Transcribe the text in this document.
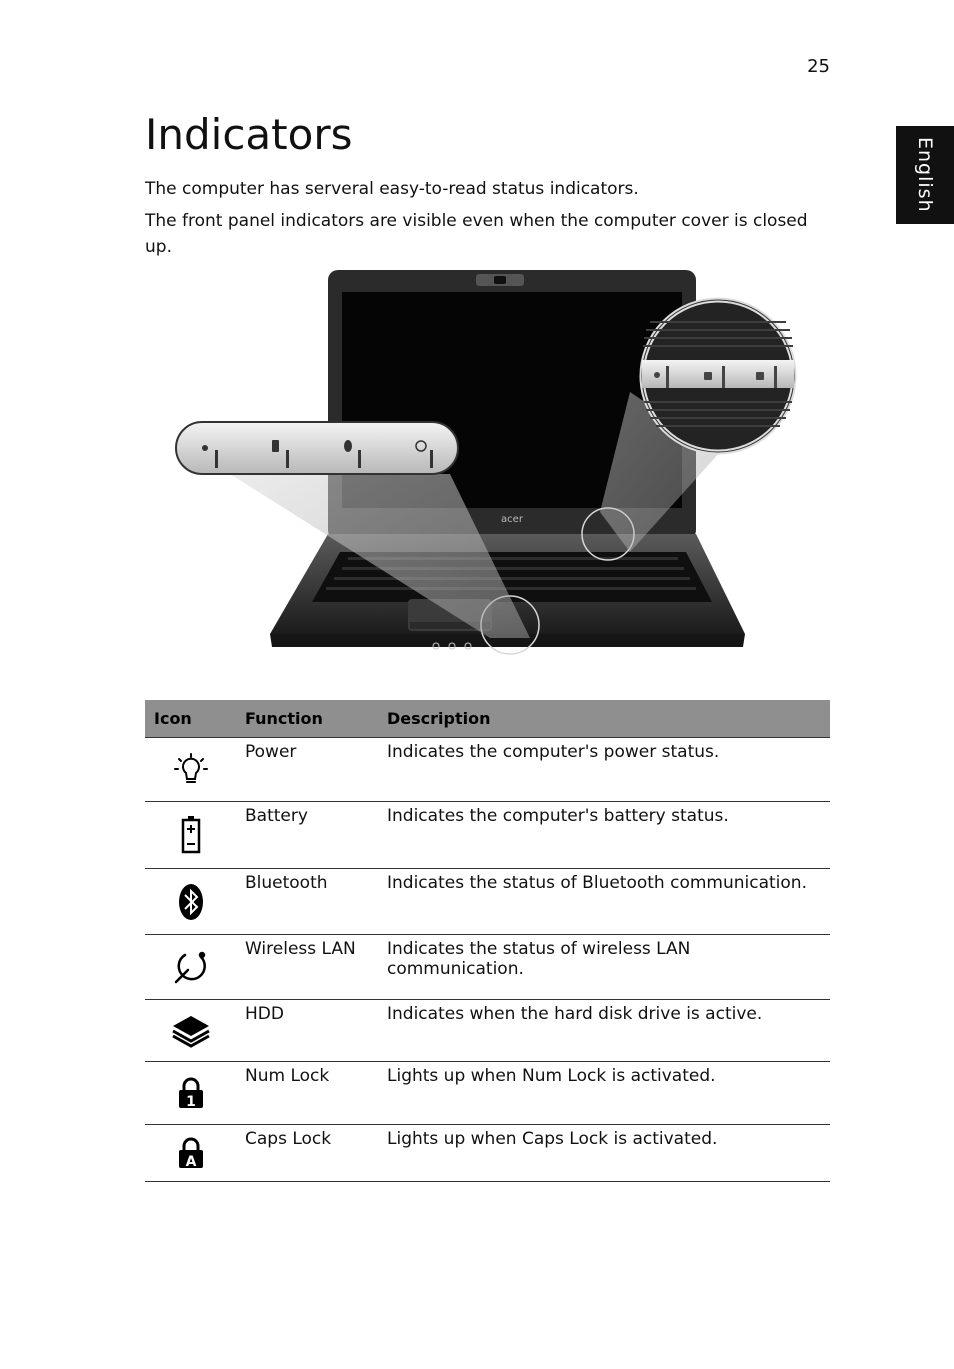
25
English
Indicators

The computer has serveral easy-to-read status indicators.

The front panel indicators are visible even when the computer cover is closed up.

acer
Icon	Function	Description

	Power	Indicates the computer's power status.

	Battery	Indicates the computer's battery status.

	Bluetooth	Indicates the status of Bluetooth communication.

	Wireless LAN	Indicates the status of wireless LAN communication.

	HDD	Indicates when the hard disk drive is active.

1	Num Lock	Lights up when Num Lock is activated.

A	Caps Lock	Lights up when Caps Lock is activated.
